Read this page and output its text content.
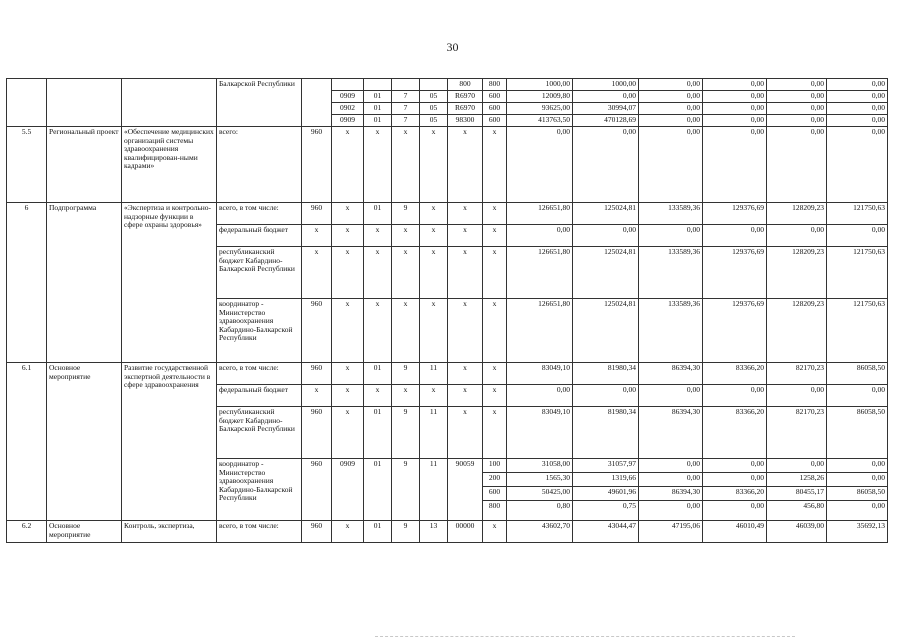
30
			Балкарской Республики						800	800	1000,00	1000,00	0,00	0,00	0,00	0,00
					0909	01	7	05	R6970	600	12009,80	0,00	0,00	0,00	0,00	0,00
					0902	01	7	05	R6970	600	93625,00	30994,07	0,00	0,00	0,00	0,00
					0909	01	7	05	98300	600	413763,50	470128,69	0,00	0,00	0,00	0,00
5.5	Региональный проект	«Обеспечение медицинских организаций системы здравоохранения квалифицирован-ными кадрами»	всего:	960	x	x	x	x	x	x	0,00	0,00	0,00	0,00	0,00	0,00
6	Подпрограмма	«Экспертиза и контрольно-надзорные функции в сфере охраны здоровья»	всего, в том числе:	960	x	01	9	x	x	x	126651,80	125024,81	133589,36	129376,69	128209,23	121750,63
			федеральный бюджет	x	x	x	x	x	x	x	0,00	0,00	0,00	0,00	0,00	0,00
			республиканский бюджет Кабардино-Балкарской Республики	x	x	x	x	x	x	x	126651,80	125024,81	133589,36	129376,69	128209,23	121750,63
			координатор - Министерство здравоохранения Кабардино-Балкарской Республики	960	x	x	x	x	x	x	126651,80	125024,81	133589,36	129376,69	128209,23	121750,63
6.1	Основное мероприятие	Развитие государственной экспертной деятельности в сфере здравоохранения	всего, в том числе:	960	x	01	9	11	x	x	83049,10	81980,34	86394,30	83366,20	82170,23	86058,50
			федеральный бюджет	x	x	x	x	x	x	x	0,00	0,00	0,00	0,00	0,00	0,00
			республиканский бюджет Кабардино-Балкарской Республики	960	x	01	9	11	x	x	83049,10	81980,34	86394,30	83366,20	82170,23	86058,50
			координатор - Министерство здравоохранения Кабардино-Балкарской Республики	960	0909	01	9	11	90059	100	31058,00	31057,97	0,00	0,00	0,00	0,00
										200	1565,30	1319,66	0,00	0,00	1258,26	0,00
										600	50425,00	49601,96	86394,30	83366,20	80455,17	86058,50
										800	0,80	0,75	0,00	0,00	456,80	0,00
6.2	Основное мероприятие	Контроль, экспертиза,	всего, в том числе:	960	x	01	9	13	00000	x	43602,70	43044,47	47195,06	46010,49	46039,00	35692,13
